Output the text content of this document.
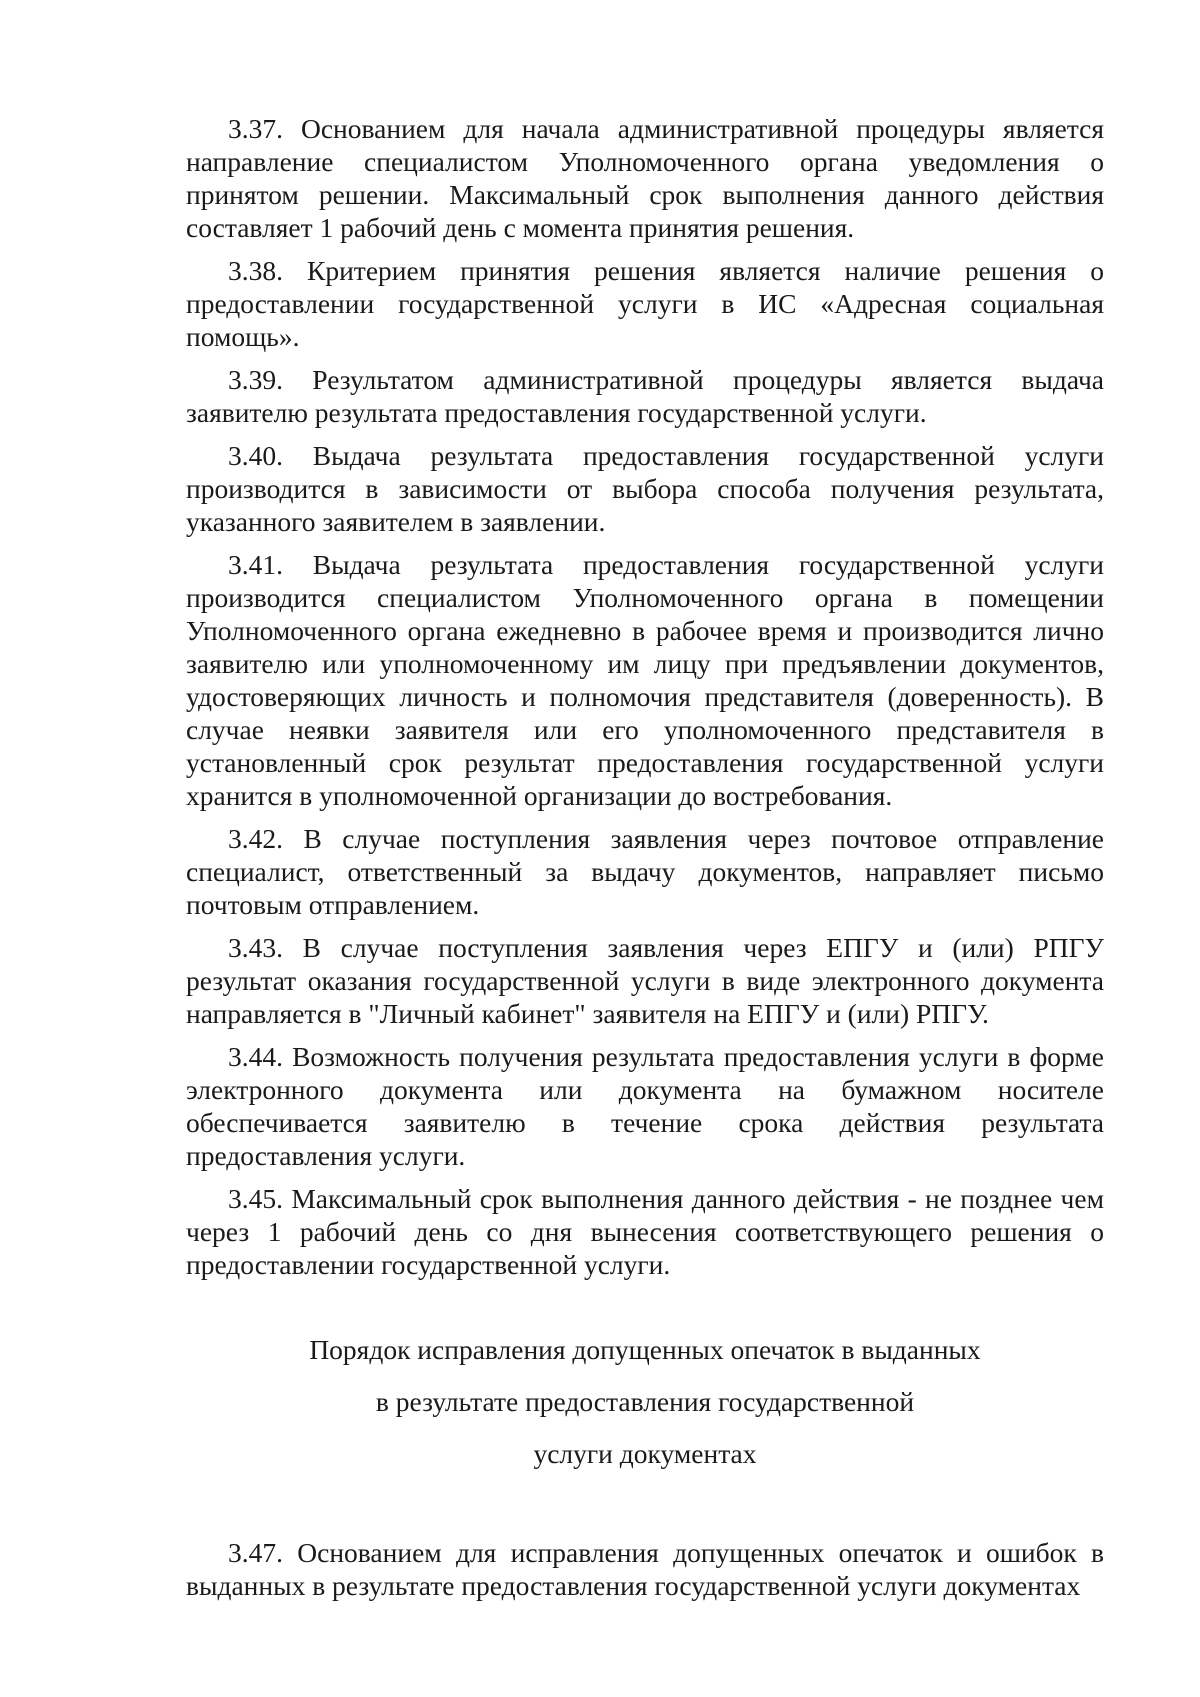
3.37. Основанием для начала административной процедуры является направление специалистом Уполномоченного органа уведомления о принятом решении. Максимальный срок выполнения данного действия составляет 1 рабочий день с момента принятия решения.

3.38. Критерием принятия решения является наличие решения о предоставлении государственной услуги в ИС «Адресная социальная помощь».

3.39. Результатом административной процедуры является выдача заявителю результата предоставления государственной услуги.

3.40. Выдача результата предоставления государственной услуги производится в зависимости от выбора способа получения результата, указанного заявителем в заявлении.

3.41. Выдача результата предоставления государственной услуги производится специалистом Уполномоченного органа в помещении Уполномоченного органа ежедневно в рабочее время и производится лично заявителю или уполномоченному им лицу при предъявлении документов, удостоверяющих личность и полномочия представителя (доверенность). В случае неявки заявителя или его уполномоченного представителя в установленный срок результат предоставления государственной услуги хранится в уполномоченной организации до востребования.

3.42. В случае поступления заявления через почтовое отправление специалист, ответственный за выдачу документов, направляет письмо почтовым отправлением.

3.43. В случае поступления заявления через ЕПГУ и (или) РПГУ результат оказания государственной услуги в виде электронного документа направляется в "Личный кабинет" заявителя на ЕПГУ и (или) РПГУ.

3.44. Возможность получения результата предоставления услуги в форме электронного документа или документа на бумажном носителе обеспечивается заявителю в течение срока действия результата предоставления услуги.

3.45. Максимальный срок выполнения данного действия - не позднее чем через 1 рабочий день со дня вынесения соответствующего решения о предоставлении государственной услуги.

Порядок исправления допущенных опечаток в выданных
в результате предоставления государственной
услуги документах

3.47. Основанием для исправления допущенных опечаток и ошибок в выданных в результате предоставления государственной услуги документах
